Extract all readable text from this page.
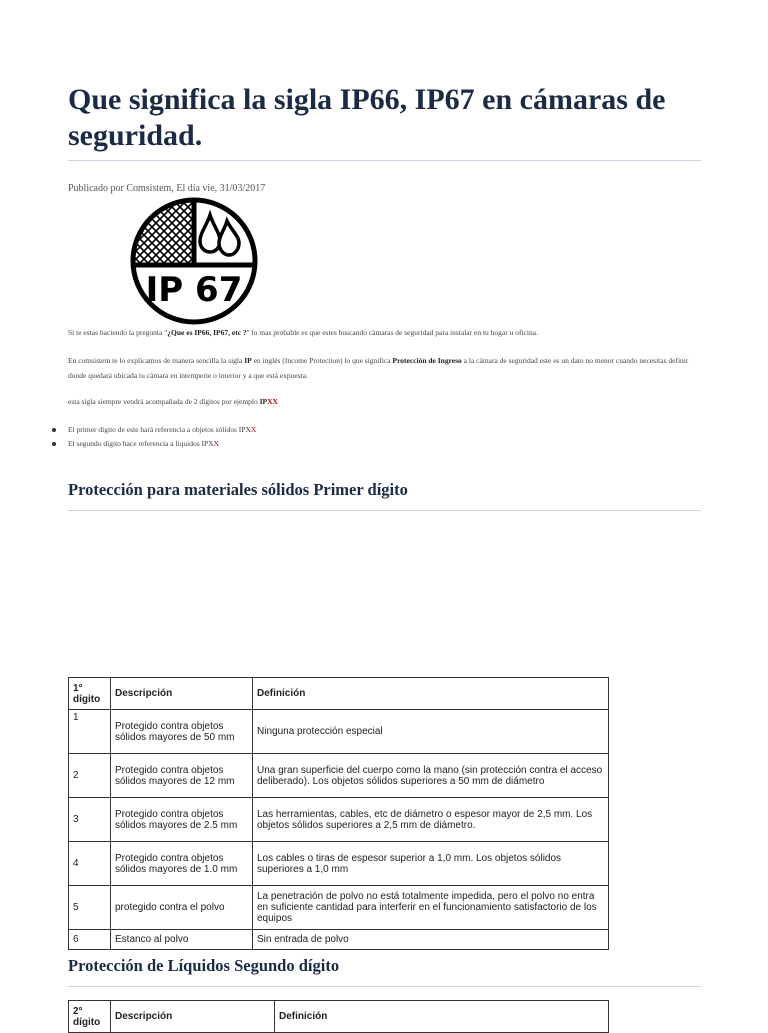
Que significa la sigla IP66, IP67 en cámaras de seguridad.
Publicado por Comsistem, El día vie, 31/03/2017
IP 67
Si te estas haciendo la pregunta "¿Que es IP66, IP67, etc ?" lo mas probable es que estes buscando cámaras de seguridad para instalar en tu hogar u oficina.
En comsistem te lo explicamos de manera sencilla la sigla IP en inglés (Income Protection) lo que significa Protección de Ingreso a la cámara de seguridad este es un dato no menor cuando necesitas definir donde quedará ubicada tu cámara en intemperie o interior y a que está expuesta.
esta sigla siempre vendrá acompañada de 2 dígitos por ejemplo IPXX
El primer dígito de este hará referencia a objetos sólidos IPXX
El segundo dígito hace referencia a liquidos IPXX
Protección para materiales sólidos Primer dígito
1° dígito	Descripción	Definición
1	Protegido contra objetos sólidos mayores de 50 mm	Ninguna protección especial
2	Protegido contra objetos sólidos mayores de 12 mm	Una gran superficie del cuerpo como la mano (sin protección contra el acceso deliberado). Los objetos sólidos superiores a 50 mm de diámetro
3	Protegido contra objetos sólidos mayores de 2.5 mm	Las herramientas, cables, etc de diámetro o espesor mayor de 2,5 mm. Los objetos sólidos superiores a 2,5 mm de diámetro.
4	Protegido contra objetos sólidos mayores de 1.0 mm	Los cables o tiras de espesor superior a 1,0 mm. Los objetos sólidos superiores a 1,0 mm
5	protegido contra el polvo	La penetración de polvo no está totalmente impedida, pero el polvo no entra en suficiente cantidad para interferir en el funcionamiento satisfactorio de los equipos
6	Estanco al polvo	Sin entrada de polvo
Protección de Líquidos Segundo dígito
2° dígito	Descripción	Definición
